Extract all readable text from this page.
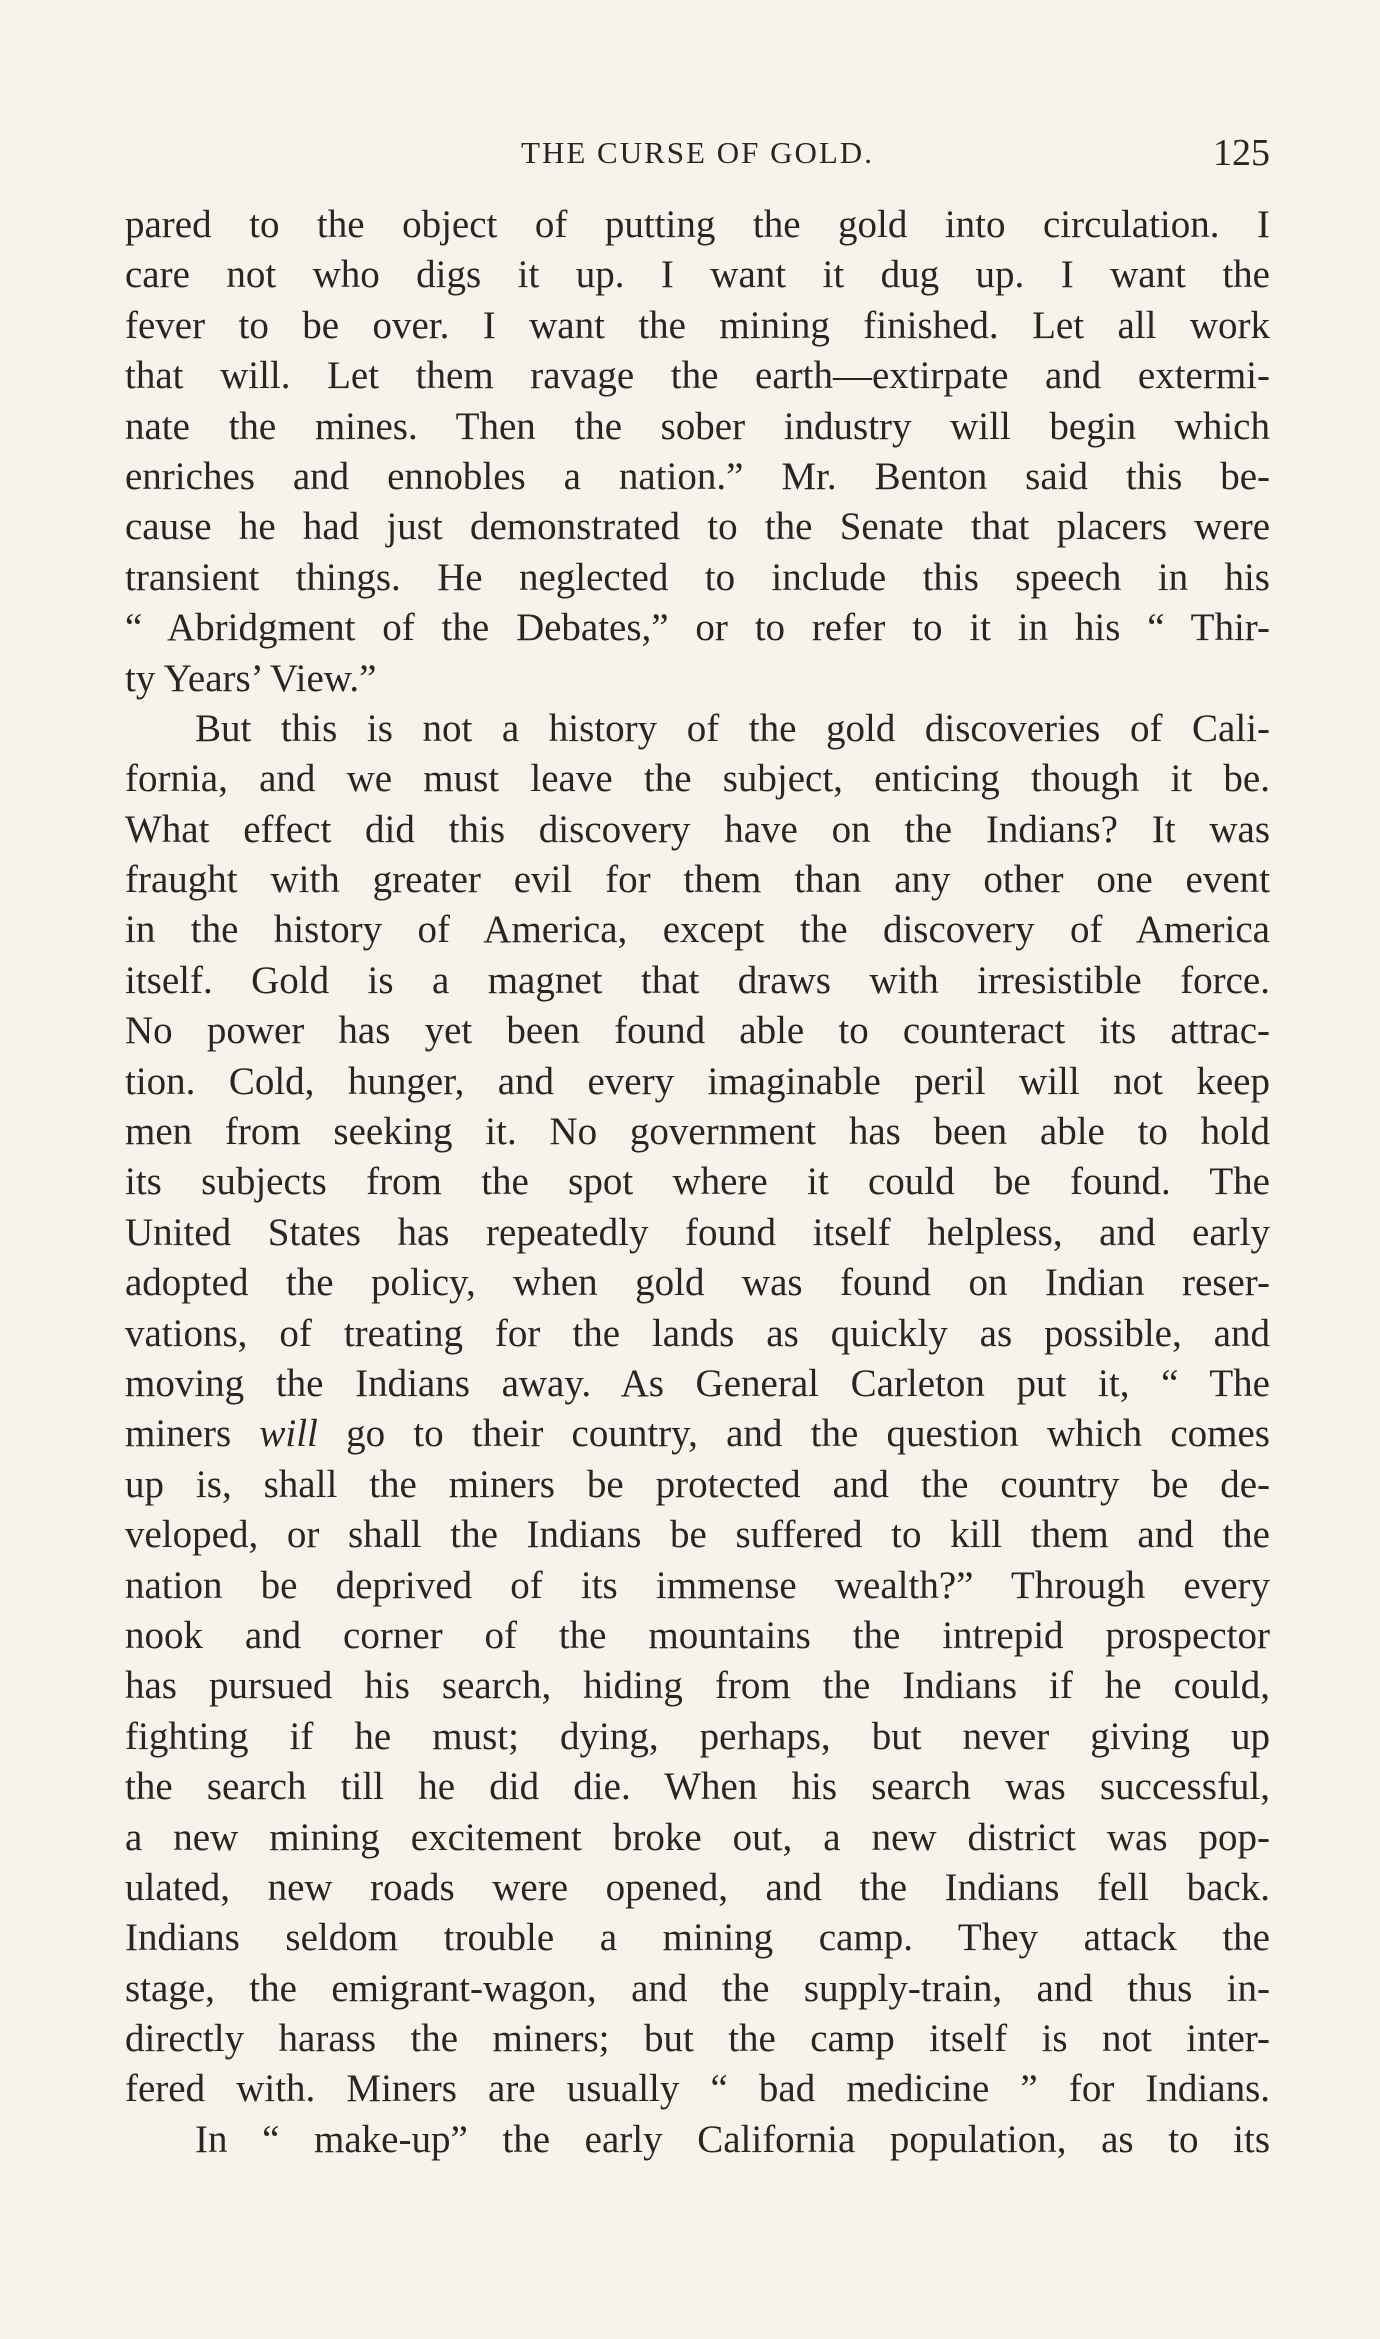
THE CURSE OF GOLD.	125
pared to the object of putting the gold into circulation. I
care not who digs it up. I want it dug up. I want the
fever to be over. I want the mining finished. Let all work
that will. Let them ravage the earth—extirpate and extermi-
nate the mines. Then the sober industry will begin which
enriches and ennobles a nation.” Mr. Benton said this be-
cause he had just demonstrated to the Senate that placers were
transient things. He neglected to include this speech in his
“ Abridgment of the Debates,” or to refer to it in his “ Thir-
ty Years’ View.”
But this is not a history of the gold discoveries of Cali-
fornia, and we must leave the subject, enticing though it be.
What effect did this discovery have on the Indians? It was
fraught with greater evil for them than any other one event
in the history of America, except the discovery of America
itself. Gold is a magnet that draws with irresistible force.
No power has yet been found able to counteract its attrac-
tion. Cold, hunger, and every imaginable peril will not keep
men from seeking it. No government has been able to hold
its subjects from the spot where it could be found. The
United States has repeatedly found itself helpless, and early
adopted the policy, when gold was found on Indian reser-
vations, of treating for the lands as quickly as possible, and
moving the Indians away. As General Carleton put it, “ The
miners will go to their country, and the question which comes
up is, shall the miners be protected and the country be de-
veloped, or shall the Indians be suffered to kill them and the
nation be deprived of its immense wealth?” Through every
nook and corner of the mountains the intrepid prospector
has pursued his search, hiding from the Indians if he could,
fighting if he must; dying, perhaps, but never giving up
the search till he did die. When his search was successful,
a new mining excitement broke out, a new district was pop-
ulated, new roads were opened, and the Indians fell back.
Indians seldom trouble a mining camp. They attack the
stage, the emigrant-wagon, and the supply-train, and thus in-
directly harass the miners; but the camp itself is not inter-
fered with. Miners are usually “ bad medicine ” for Indians.
In “ make-up” the early California population, as to its
